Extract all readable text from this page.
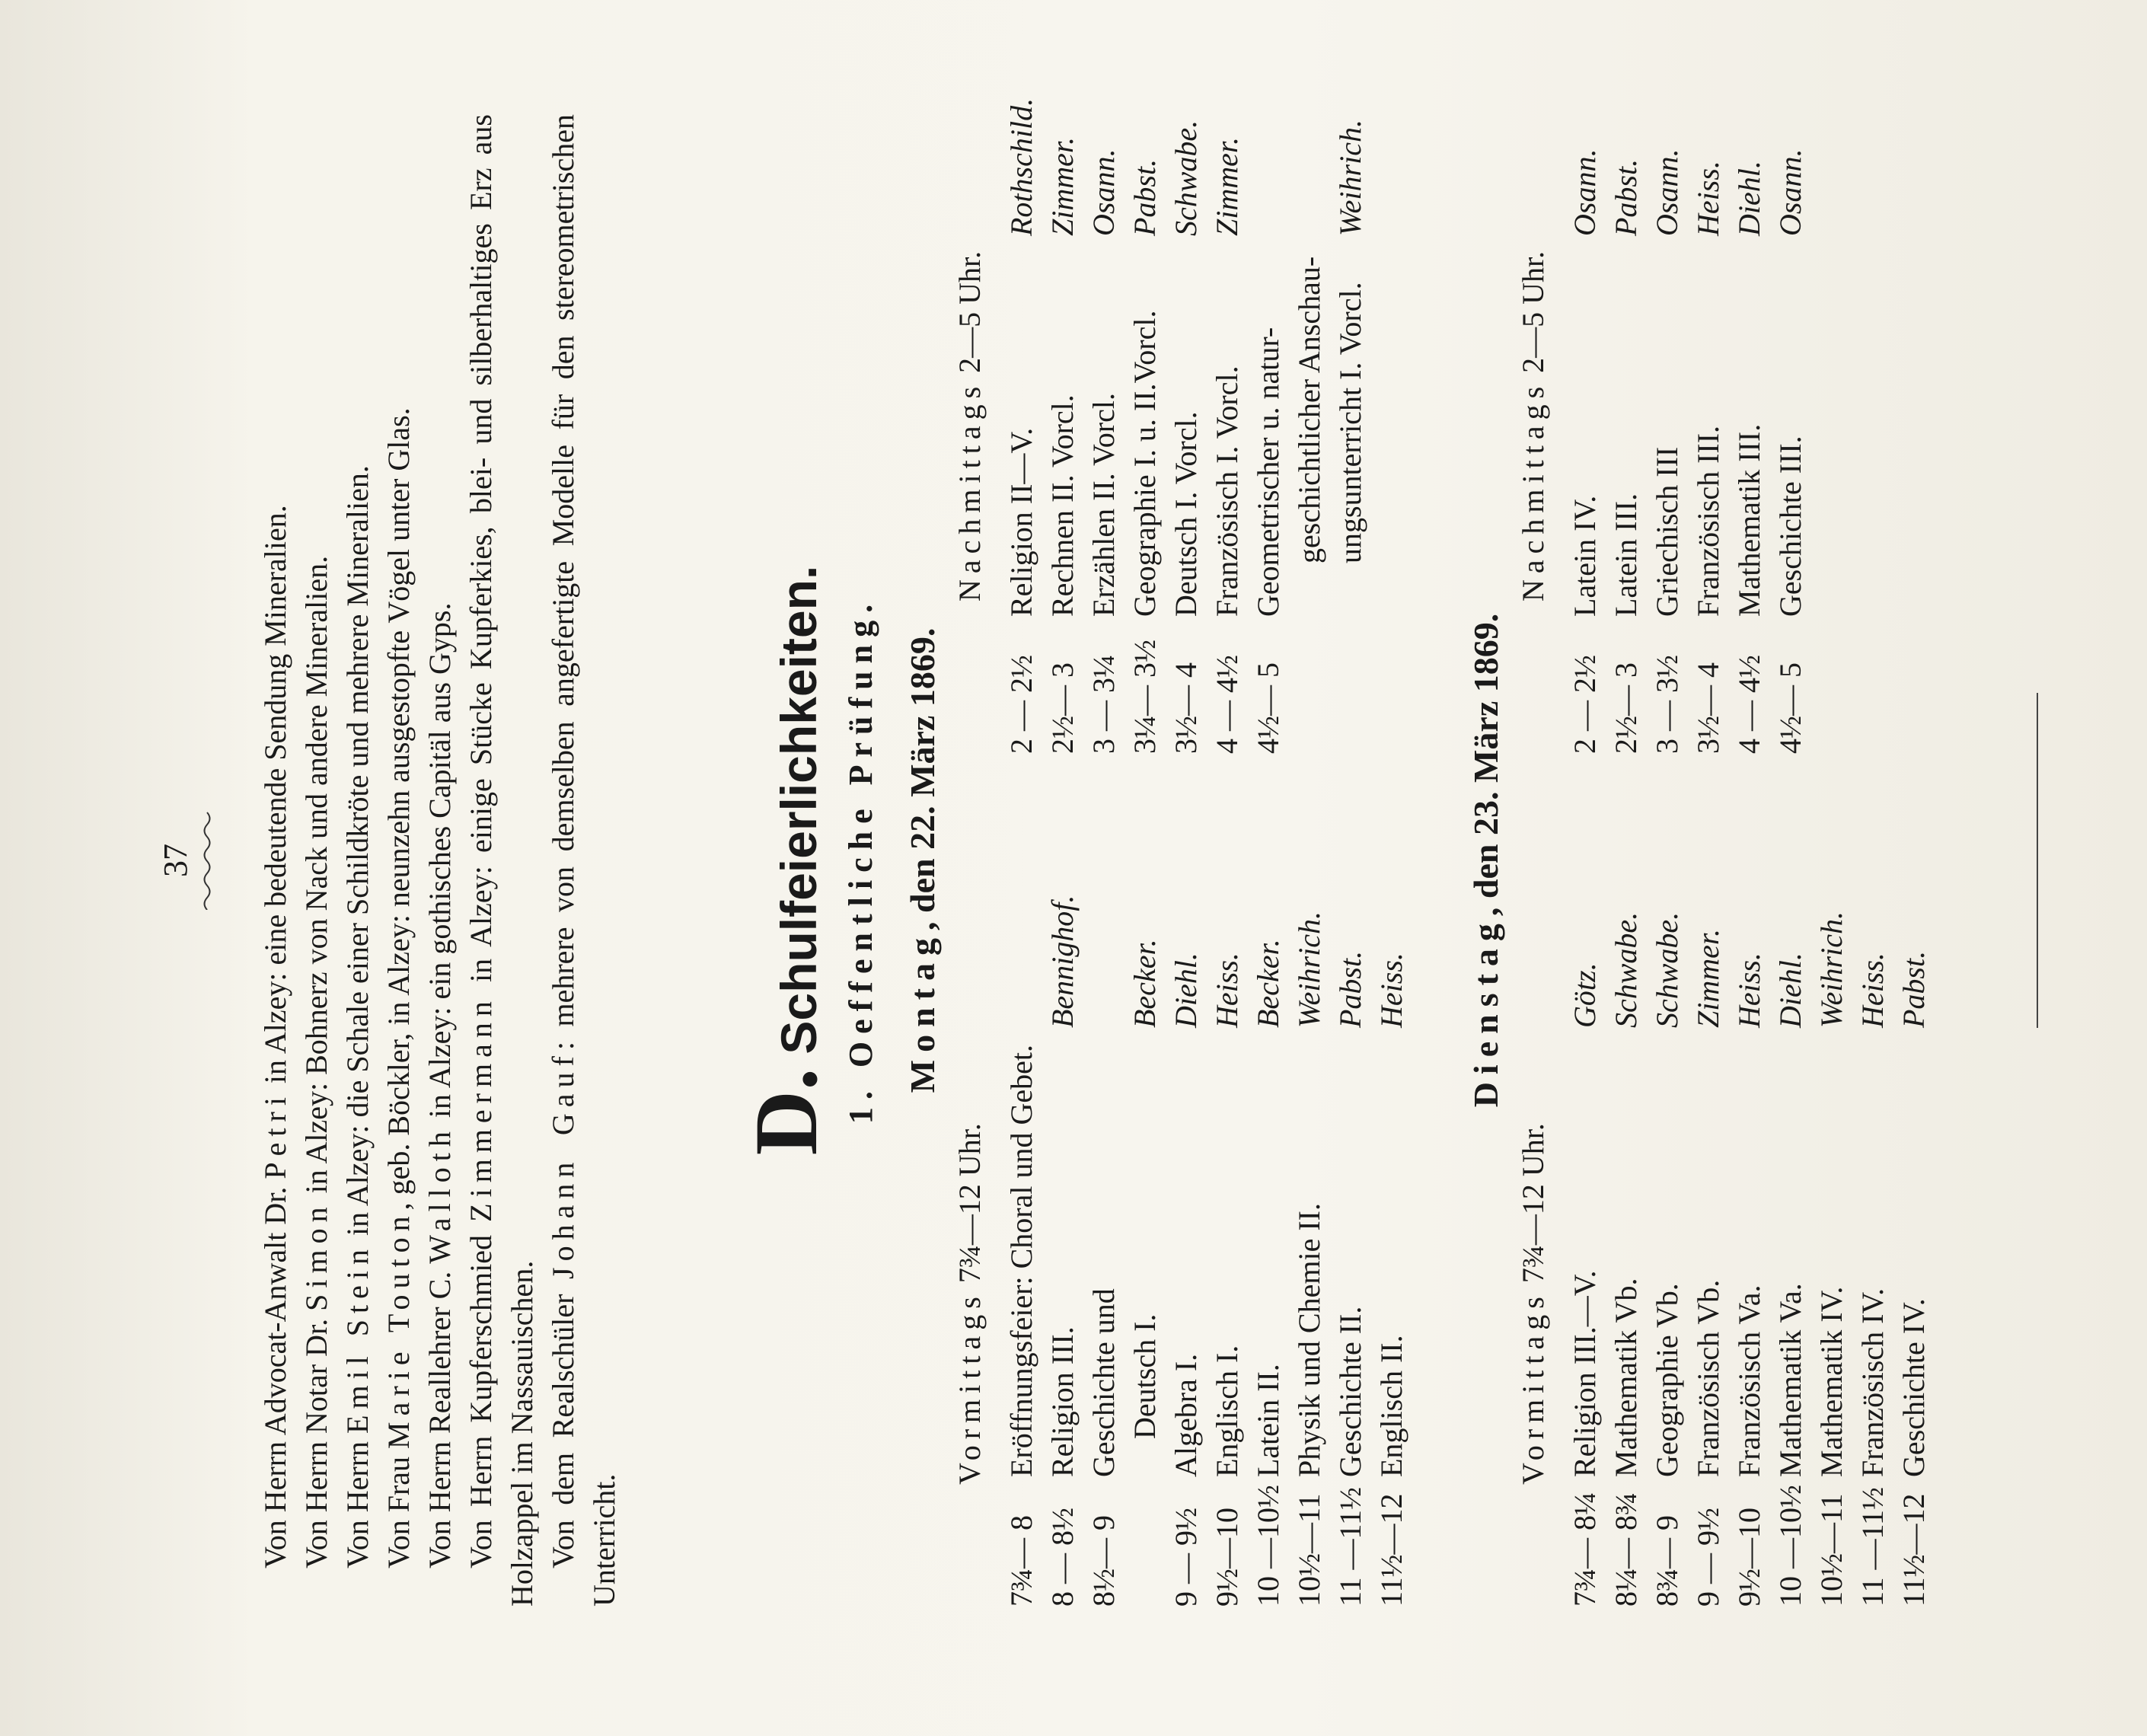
37

Von Herrn Advocat-Anwalt Dr. Petri in Alzey: eine bedeutende Sendung Mineralien.

Von Herrn Notar Dr. Simon in Alzey: Bohnerz von Nack und andere Mineralien.

Von Herrn Emil Stein in Alzey: die Schale einer Schildkröte und mehrere Mineralien.

Von Frau Marie Touton, geb. Böckler, in Alzey: neunzehn ausgestopfte Vögel unter Glas.

Von Herrn Reallehrer C. Walloth in Alzey: ein gothisches Capitäl aus Gyps.

Von Herrn Kupferschmied Zimmermann in Alzey: einige Stücke Kupferkies, blei- und silberhaltiges Erz aus Holzappel im Nassauischen. Von dem Realschüler Johann Gauf: mehrere von demselben angefertigte Modelle für den stereometrischen Unterricht.

D.Schulfeierlichkeiten. 1. Oeffentliche Prüfung. Montag, den 22. März 1869.
Vormittags 7¾—12 Uhr.
Nachmittags 2—5 Uhr.
7¾— 8
Eröffnungsfeier: Choral und Gebet.
2 — 2½
Religion II—V.
Rothschild.
8 — 8½
Religion III.
Bennighof.
2½— 3
Rechnen II. Vorcl.
Zimmer.
8½— 9
Geschichte und
3 — 3¼
Erzählen II. Vorcl.
Osann.
Deutsch I.
Becker.
3¼— 3½
Geographie I. u. II.Vorcl.
Pabst.
9 — 9½
Algebra I.
Diehl.
3½— 4
Deutsch I. Vorcl.
Schwabe.
9½—10
Englisch I.
Heiss.
4 — 4½
Französisch I. Vorcl.
Zimmer.
10 —10½
Latein II.
Becker.
4½— 5
Geometrischer u. natur-
10½—11
Physik und Chemie II.
Weihrich.
geschichtlicher Anschau-
11 —11½
Geschichte II.
Pabst.
ungsunterricht I. Vorcl.
Weihrich.
11½—12
Englisch II.
Heiss. Dienstag, den 23. März 1869.
Vormittags 7¾—12 Uhr.
Nachmittags 2—5 Uhr.
7¾— 8¼
Religion III.—V.
Götz.
2 — 2½
Latein IV.
Osann.
8¼— 8¾
Mathematik Vb.
Schwabe.
2½— 3
Latein III.
Pabst.
8¾— 9
Geographie Vb.
Schwabe.
3 — 3½
Griechisch III
Osann.
9 — 9½
Französisch Vb.
Zimmer.
3½— 4
Französisch III.
Heiss.
9½—10
Französisch Va.
Heiss.
4 — 4½
Mathematik III.
Diehl.
10 —10½
Mathematik Va.
Diehl.
4½— 5
Geschichte III.
Osann.
10½—11
Mathematik IV.
Weihrich.
11 —11½
Französisch IV.
Heiss.
11½—12
Geschichte IV.
Pabst.
